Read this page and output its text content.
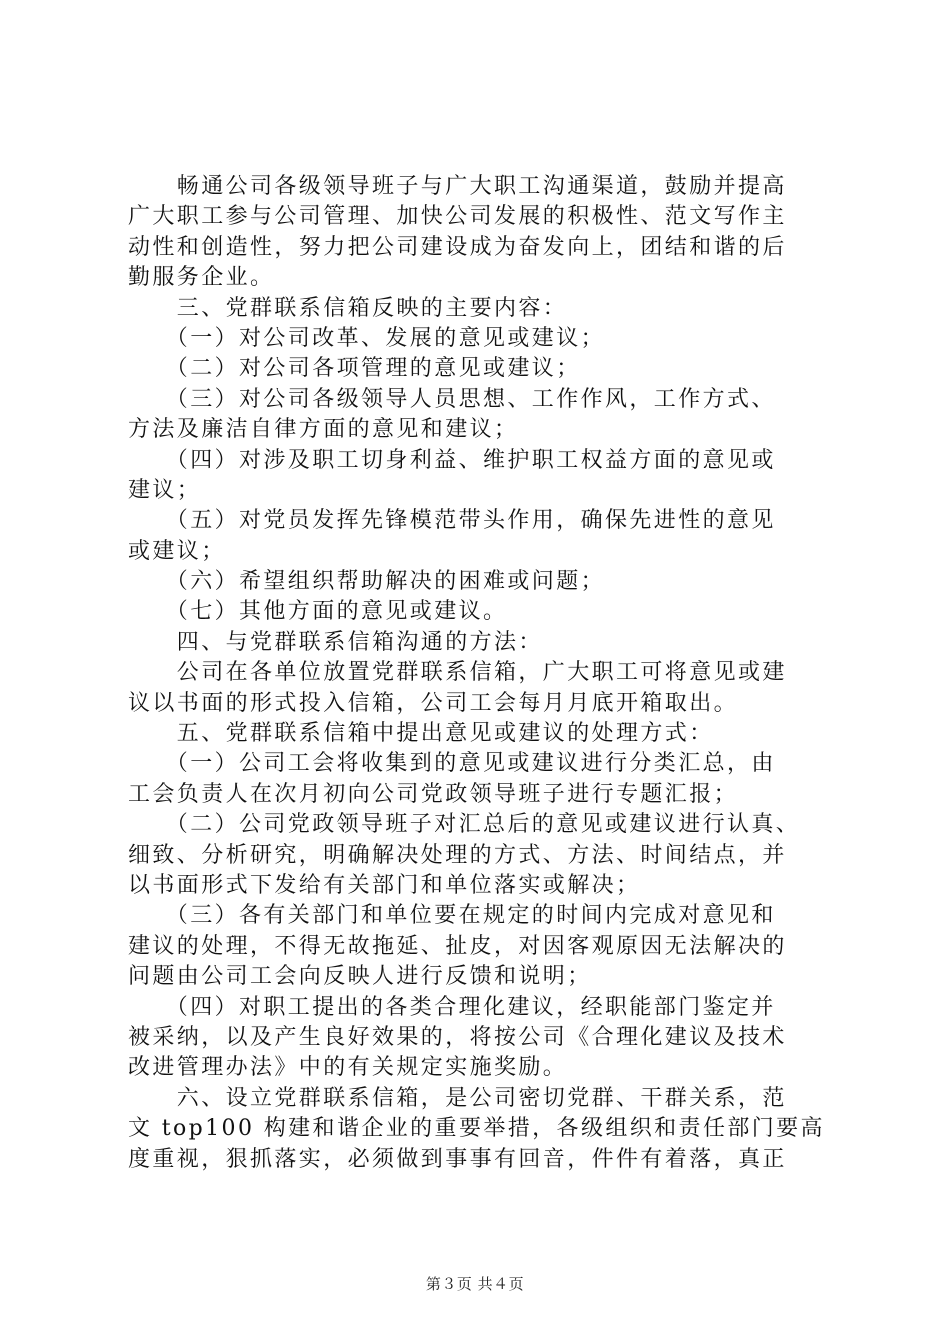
　　畅通公司各级领导班子与广大职工沟通渠道，鼓励并提高
广大职工参与公司管理、加快公司发展的积极性、范文写作主
动性和创造性，努力把公司建设成为奋发向上，团结和谐的后
勤服务企业。
　　三、党群联系信箱反映的主要内容：
　　（一）对公司改革、发展的意见或建议；
　　（二）对公司各项管理的意见或建议；
　　（三）对公司各级领导人员思想、工作作风，工作方式、
方法及廉洁自律方面的意见和建议；
　　（四）对涉及职工切身利益、维护职工权益方面的意见或
建议；
　　（五）对党员发挥先锋模范带头作用，确保先进性的意见
或建议；
　　（六）希望组织帮助解决的困难或问题；
　　（七）其他方面的意见或建议。
　　四、与党群联系信箱沟通的方法：
　　公司在各单位放置党群联系信箱，广大职工可将意见或建
议以书面的形式投入信箱，公司工会每月月底开箱取出。
　　五、党群联系信箱中提出意见或建议的处理方式：
　　（一）公司工会将收集到的意见或建议进行分类汇总，由
工会负责人在次月初向公司党政领导班子进行专题汇报；
　　（二）公司党政领导班子对汇总后的意见或建议进行认真、
细致、分析研究，明确解决处理的方式、方法、时间结点，并
以书面形式下发给有关部门和单位落实或解决；
　　（三）各有关部门和单位要在规定的时间内完成对意见和
建议的处理，不得无故拖延、扯皮，对因客观原因无法解决的
问题由公司工会向反映人进行反馈和说明；
　　（四）对职工提出的各类合理化建议，经职能部门鉴定并
被采纳，以及产生良好效果的，将按公司《合理化建议及技术
改进管理办法》中的有关规定实施奖励。
　　六、设立党群联系信箱，是公司密切党群、干群关系，范
文 top100 构建和谐企业的重要举措，各级组织和责任部门要高
度重视，狠抓落实，必须做到事事有回音，件件有着落，真正
第３页 共４页
